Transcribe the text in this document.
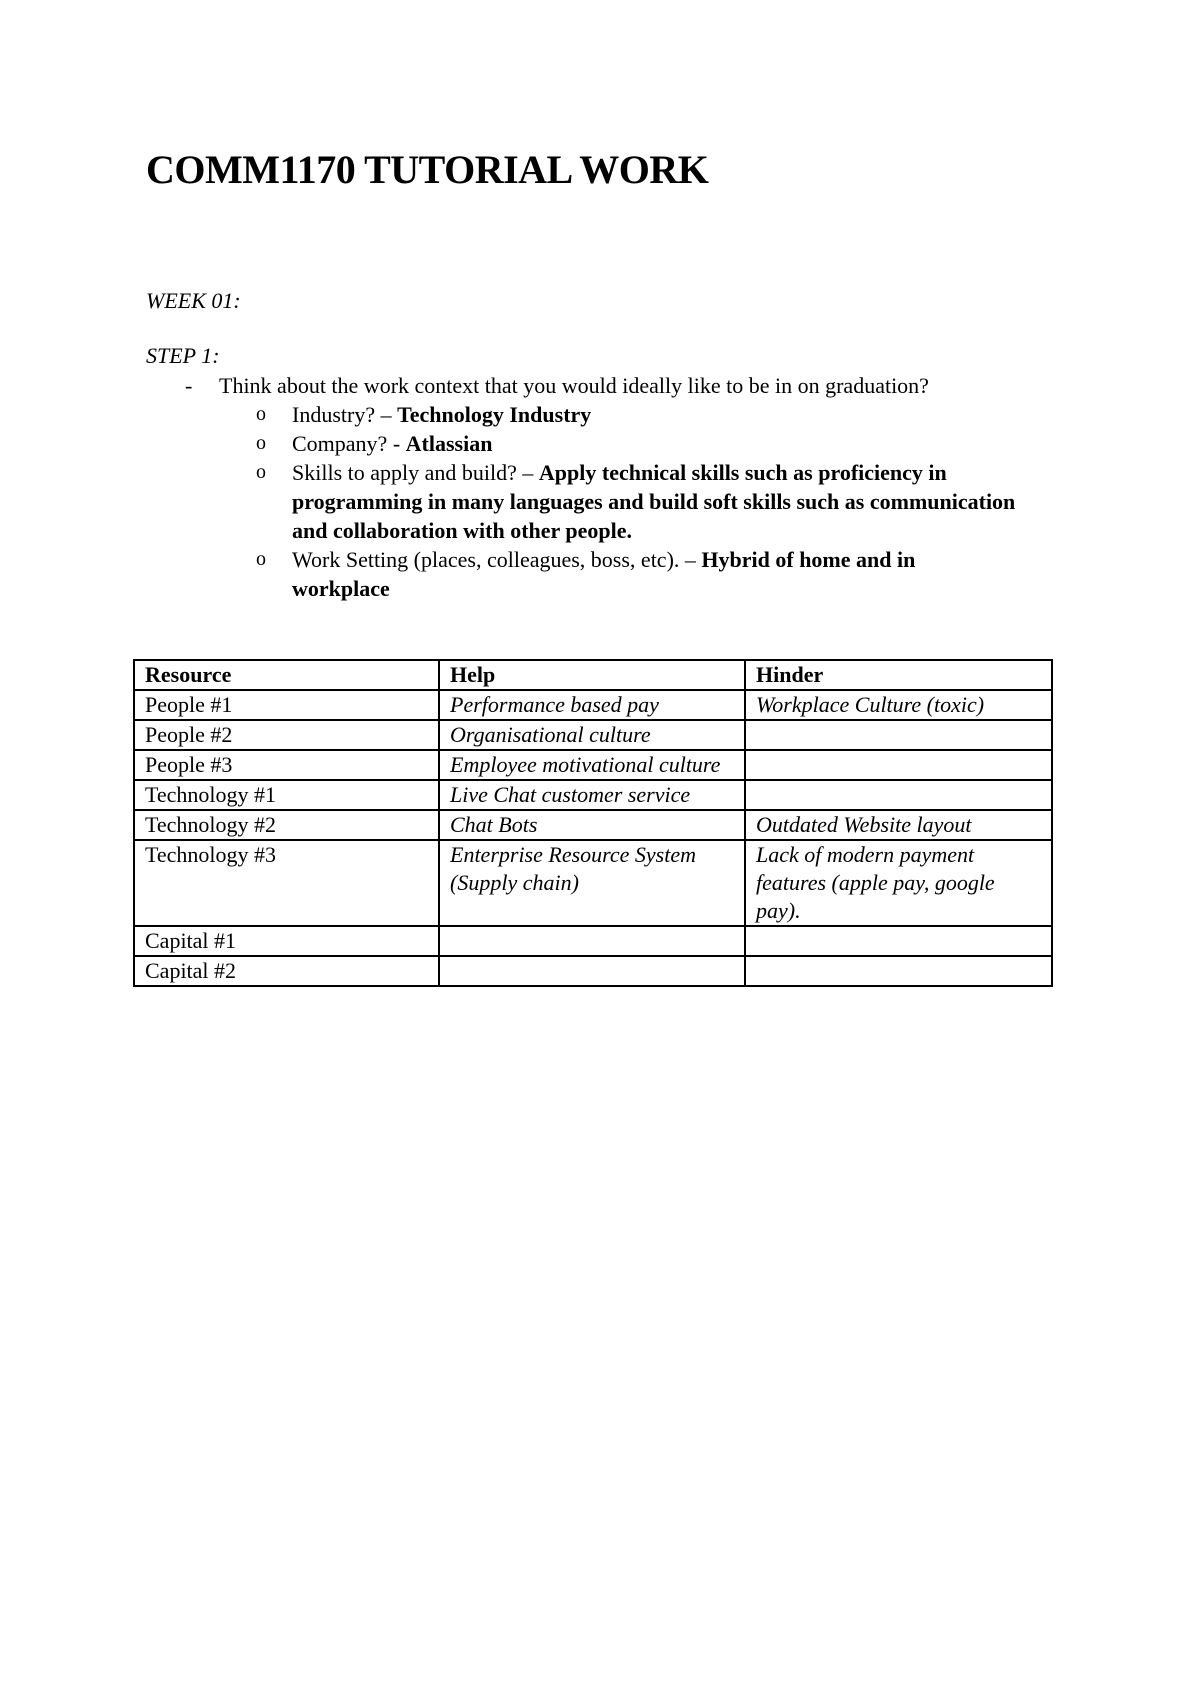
COMM1170 TUTORIAL WORK
WEEK 01:
STEP 1:
- Think about the work context that you would ideally like to be in on graduation?
o Industry? – Technology Industry
o Company? - Atlassian
o Skills to apply and build? – Apply technical skills such as proficiency in programming in many languages and build soft skills such as communication and collaboration with other people.
o Work Setting (places, colleagues, boss, etc). – Hybrid of home and in workplace
Resource	Help	Hinder
People #1	Performance based pay	Workplace Culture (toxic)
People #2	Organisational culture	
People #3	Employee motivational culture	
Technology #1	Live Chat customer service	
Technology #2	Chat Bots	Outdated Website layout
Technology #3	Enterprise Resource System (Supply chain)	Lack of modern payment features (apple pay, google pay).
Capital #1		
Capital #2		
